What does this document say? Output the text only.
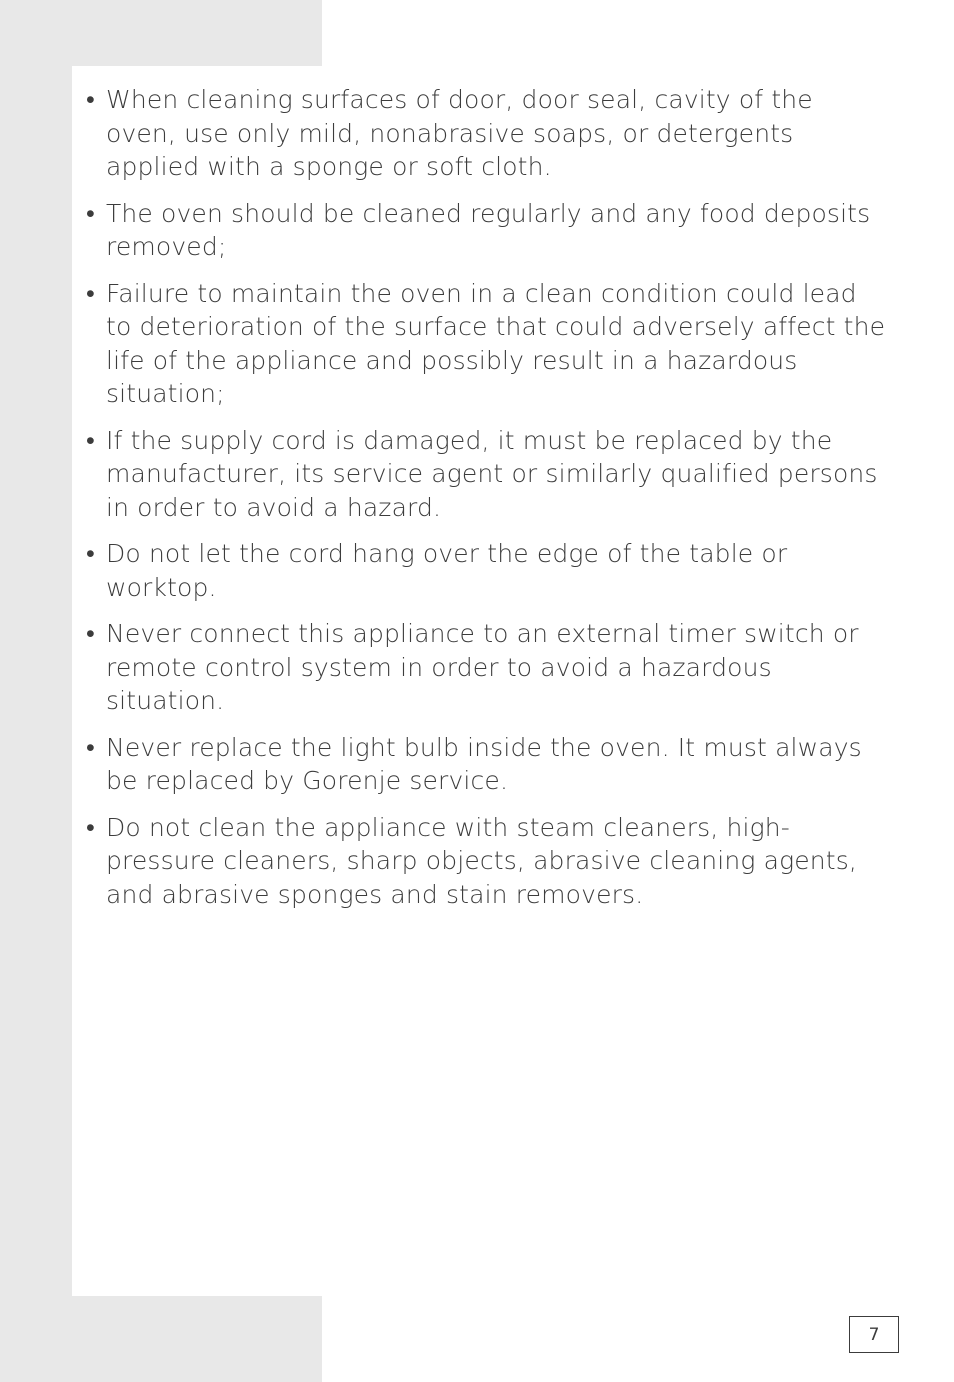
• When cleaning surfaces of door, door seal, cavity of the oven, use only mild, nonabrasive soaps, or detergents applied with a sponge or soft cloth.
• The oven should be cleaned regularly and any food deposits removed;
• Failure to maintain the oven in a clean condition could lead to deterioration of the surface that could adversely affect the life of the appliance and possibly result in a hazardous situation;
• If the supply cord is damaged, it must be replaced by the manufacturer, its service agent or similarly qualified persons in order to avoid a hazard.
• Do not let the cord hang over the edge of the table or worktop.
• Never connect this appliance to an external timer switch or remote control system in order to avoid a hazardous situation.
• Never replace the light bulb inside the oven. It must always be replaced by Gorenje service.
• Do not clean the appliance with steam cleaners, high-pressure cleaners, sharp objects, abrasive cleaning agents, and abrasive sponges and stain removers.
7
